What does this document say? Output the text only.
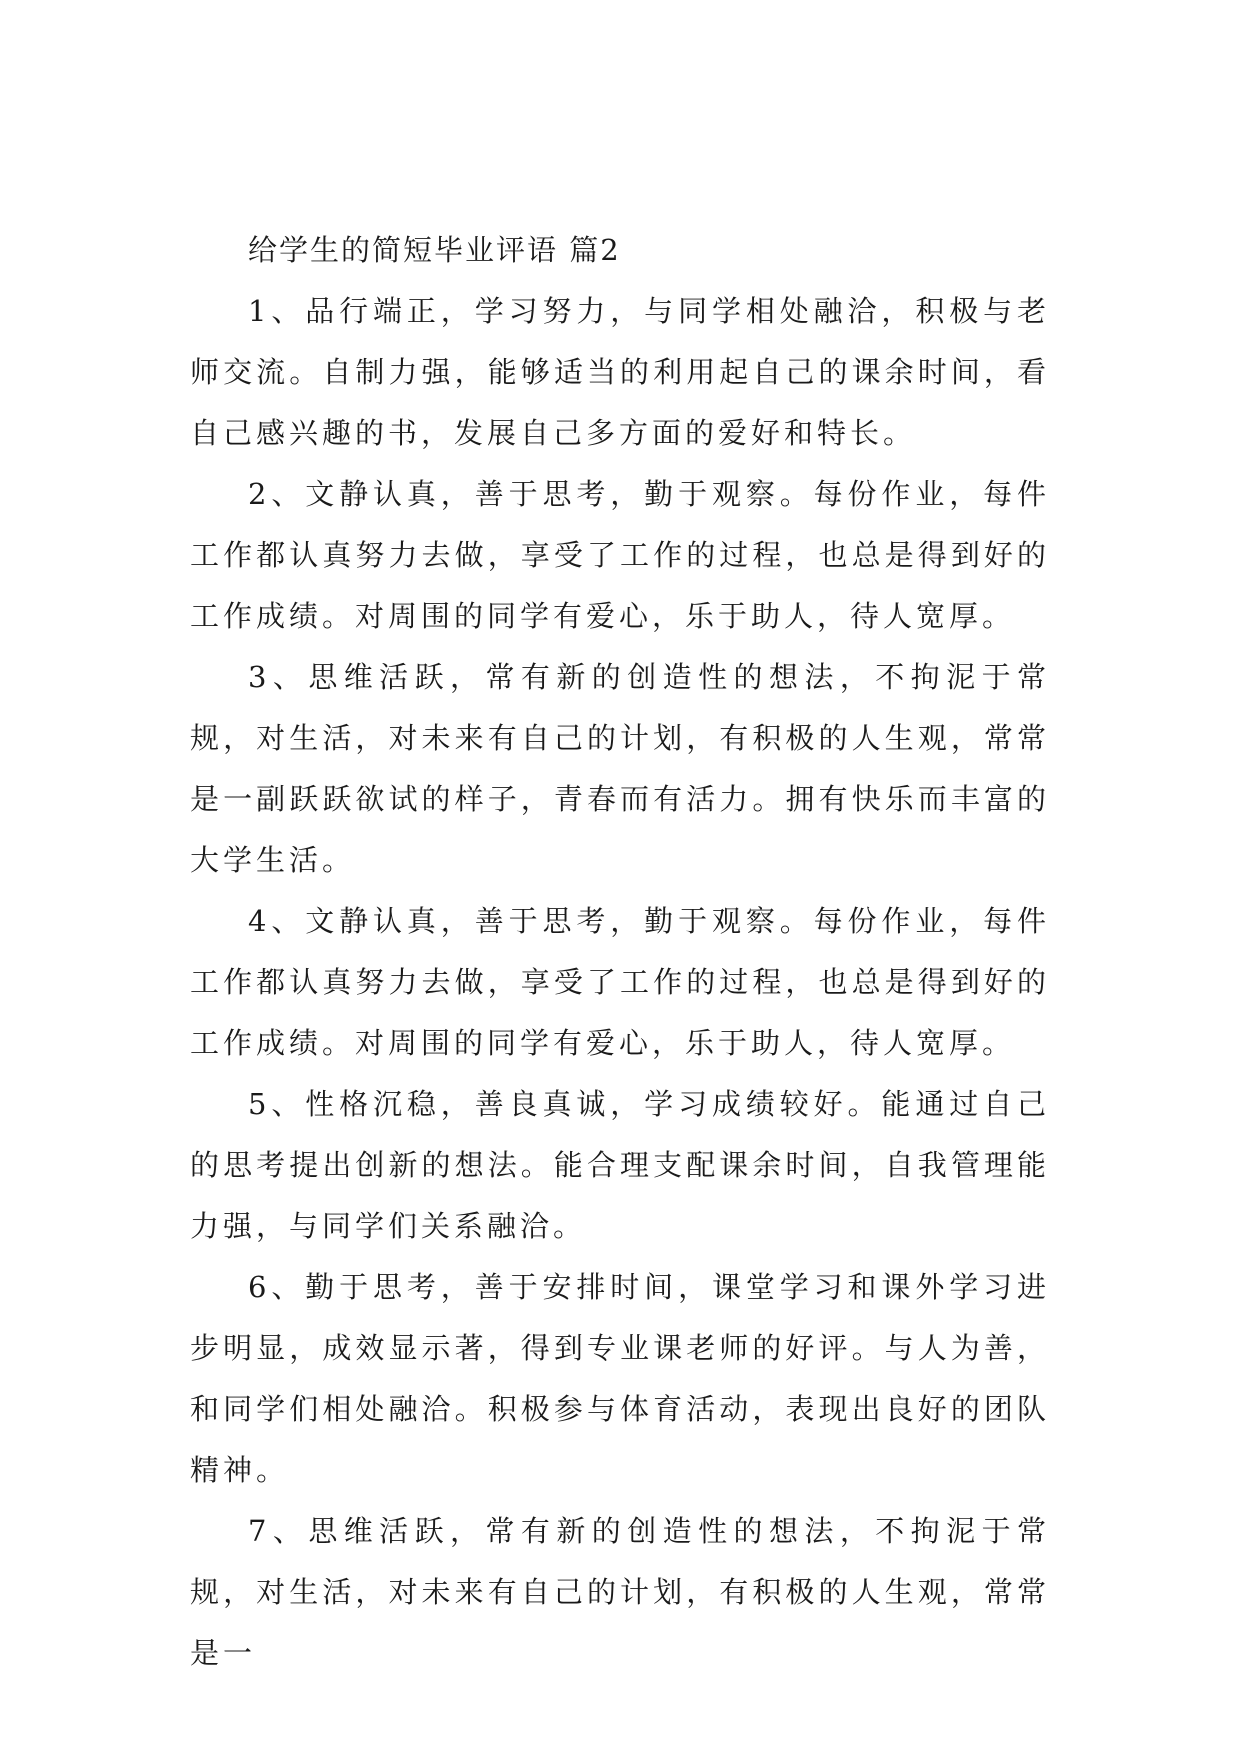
给学生的简短毕业评语 篇2

1、品行端正，学习努力，与同学相处融洽，积极与老师交流。自制力强，能够适当的利用起自己的课余时间，看自己感兴趣的书，发展自己多方面的爱好和特长。

2、文静认真，善于思考，勤于观察。每份作业，每件工作都认真努力去做，享受了工作的过程，也总是得到好的工作成绩。对周围的同学有爱心，乐于助人，待人宽厚。

3、思维活跃，常有新的创造性的想法，不拘泥于常规，对生活，对未来有自己的计划，有积极的人生观，常常是一副跃跃欲试的样子，青春而有活力。拥有快乐而丰富的大学生活。

4、文静认真，善于思考，勤于观察。每份作业，每件工作都认真努力去做，享受了工作的过程，也总是得到好的工作成绩。对周围的同学有爱心，乐于助人，待人宽厚。

5、性格沉稳，善良真诚，学习成绩较好。能通过自己的思考提出创新的想法。能合理支配课余时间，自我管理能力强，与同学们关系融洽。

6、勤于思考，善于安排时间，课堂学习和课外学习进步明显，成效显示著，得到专业课老师的好评。与人为善，和同学们相处融洽。积极参与体育活动，表现出良好的团队精神。

7、思维活跃，常有新的创造性的想法，不拘泥于常规，对生活，对未来有自己的计划，有积极的人生观，常常是一
